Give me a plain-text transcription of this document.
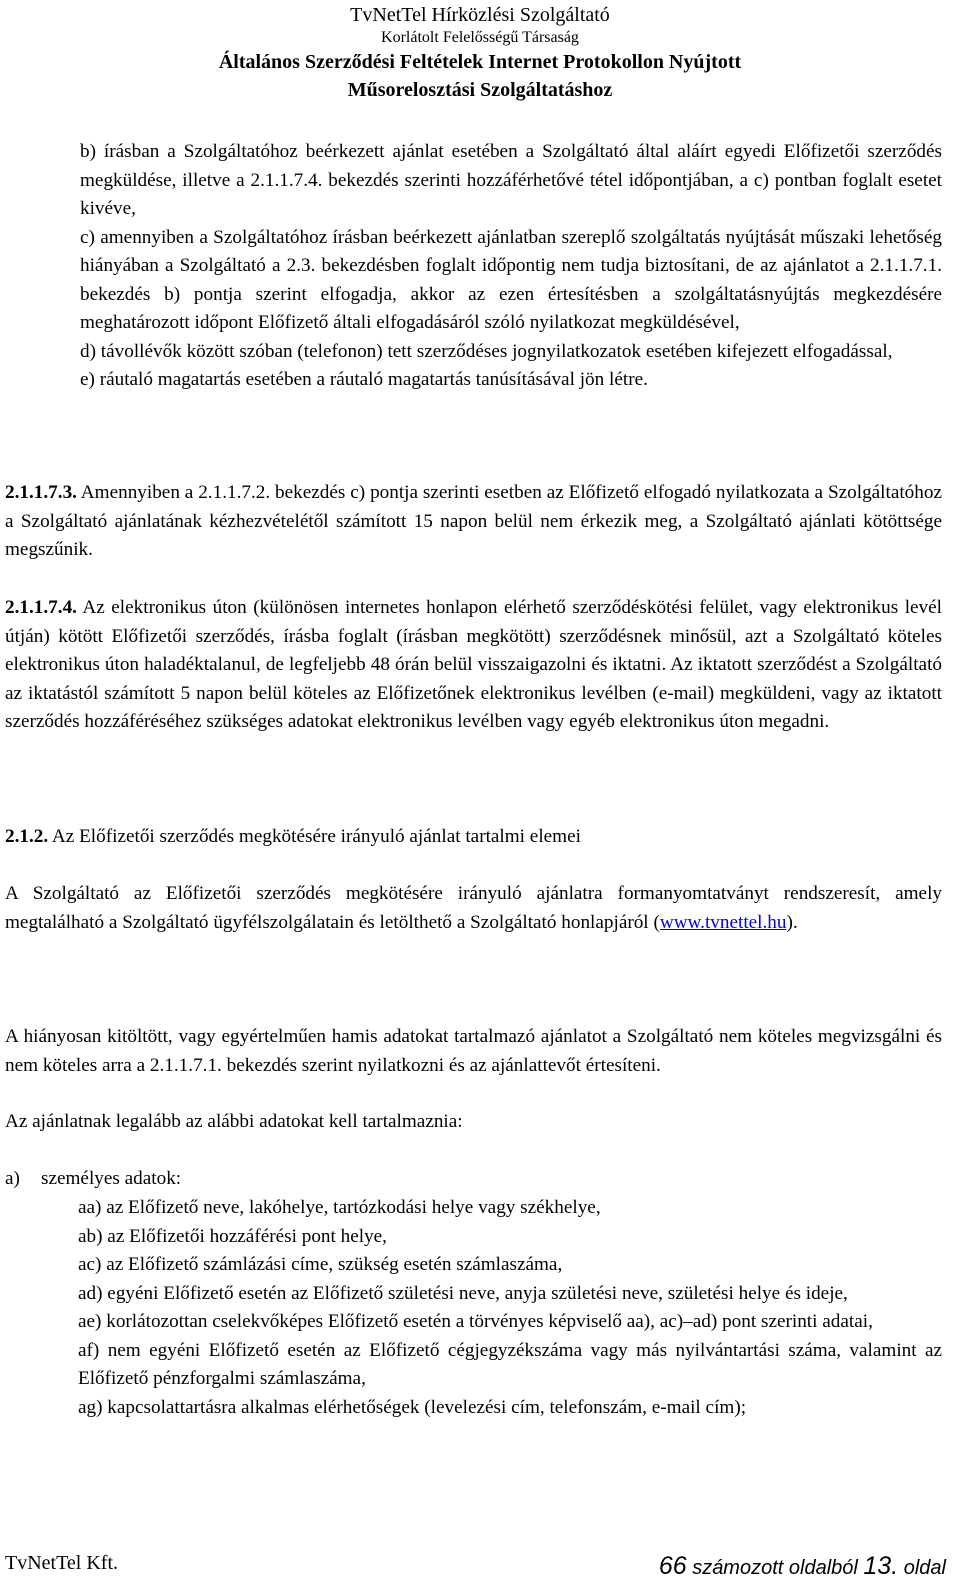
TvNetTel Hírközlési Szolgáltató
Korlátolt Felelősségű Társaság
Általános Szerződési Feltételek Internet Protokollon Nyújtott
Műsorelosztási Szolgáltatáshoz

b) írásban a Szolgáltatóhoz beérkezett ajánlat esetében a Szolgáltató által aláírt egyedi Előfizetői szerződés megküldése, illetve a 2.1.1.7.4. bekezdés szerinti hozzáférhetővé tétel időpontjában, a c) pontban foglalt esetet kivéve,

c) amennyiben a Szolgáltatóhoz írásban beérkezett ajánlatban szereplő szolgáltatás nyújtását műszaki lehetőség hiányában a Szolgáltató a 2.3. bekezdésben foglalt időpontig nem tudja biztosítani, de az ajánlatot a 2.1.1.7.1. bekezdés b) pontja szerint elfogadja, akkor az ezen értesítésben a szolgáltatásnyújtás megkezdésére meghatározott időpont Előfizető általi elfogadásáról szóló nyilatkozat megküldésével,

d) távollévők között szóban (telefonon) tett szerződéses jognyilatkozatok esetében kifejezett elfogadással,

e) ráutaló magatartás esetében a ráutaló magatartás tanúsításával jön létre.

2.1.1.7.3. Amennyiben a 2.1.1.7.2. bekezdés c) pontja szerinti esetben az Előfizető elfogadó nyilatkozata a Szolgáltatóhoz a Szolgáltató ajánlatának kézhezvételétől számított 15 napon belül nem érkezik meg, a Szolgáltató ajánlati kötöttsége megszűnik.

2.1.1.7.4. Az elektronikus úton (különösen internetes honlapon elérhető szerződéskötési felület, vagy elektronikus levél útján) kötött Előfizetői szerződés, írásba foglalt (írásban megkötött) szerződésnek minősül, azt a Szolgáltató köteles elektronikus úton haladéktalanul, de legfeljebb 48 órán belül visszaigazolni és iktatni. Az iktatott szerződést a Szolgáltató az iktatástól számított 5 napon belül köteles az Előfizetőnek elektronikus levélben (e-mail) megküldeni, vagy az iktatott szerződés hozzáféréséhez szükséges adatokat elektronikus levélben vagy egyéb elektronikus úton megadni.

2.1.2. Az Előfizetői szerződés megkötésére irányuló ajánlat tartalmi elemei

A Szolgáltató az Előfizetői szerződés megkötésére irányuló ajánlatra formanyomtatványt rendszeresít, amely megtalálható a Szolgáltató ügyfélszolgálatain és letölthető a Szolgáltató honlapjáról (www.tvnettel.hu).

A hiányosan kitöltött, vagy egyértelműen hamis adatokat tartalmazó ajánlatot a Szolgáltató nem köteles megvizsgálni és nem köteles arra a 2.1.1.7.1. bekezdés szerint nyilatkozni és az ajánlattevőt értesíteni.

Az ajánlatnak legalább az alábbi adatokat kell tartalmaznia:

a) személyes adatok:

aa) az Előfizető neve, lakóhelye, tartózkodási helye vagy székhelye,

ab) az Előfizetői hozzáférési pont helye,

ac) az Előfizető számlázási címe, szükség esetén számlaszáma,

ad) egyéni Előfizető esetén az Előfizető születési neve, anyja születési neve, születési helye és ideje,

ae) korlátozottan cselekvőképes Előfizető esetén a törvényes képviselő aa), ac)–ad) pont szerinti adatai,

af) nem egyéni Előfizető esetén az Előfizető cégjegyzékszáma vagy más nyilvántartási száma, valamint az Előfizető pénzforgalmi számlaszáma,

ag) kapcsolattartásra alkalmas elérhetőségek (levelezési cím, telefonszám, e-mail cím);

TvNetTel Kft.	66 számozott oldalból 13. oldal
